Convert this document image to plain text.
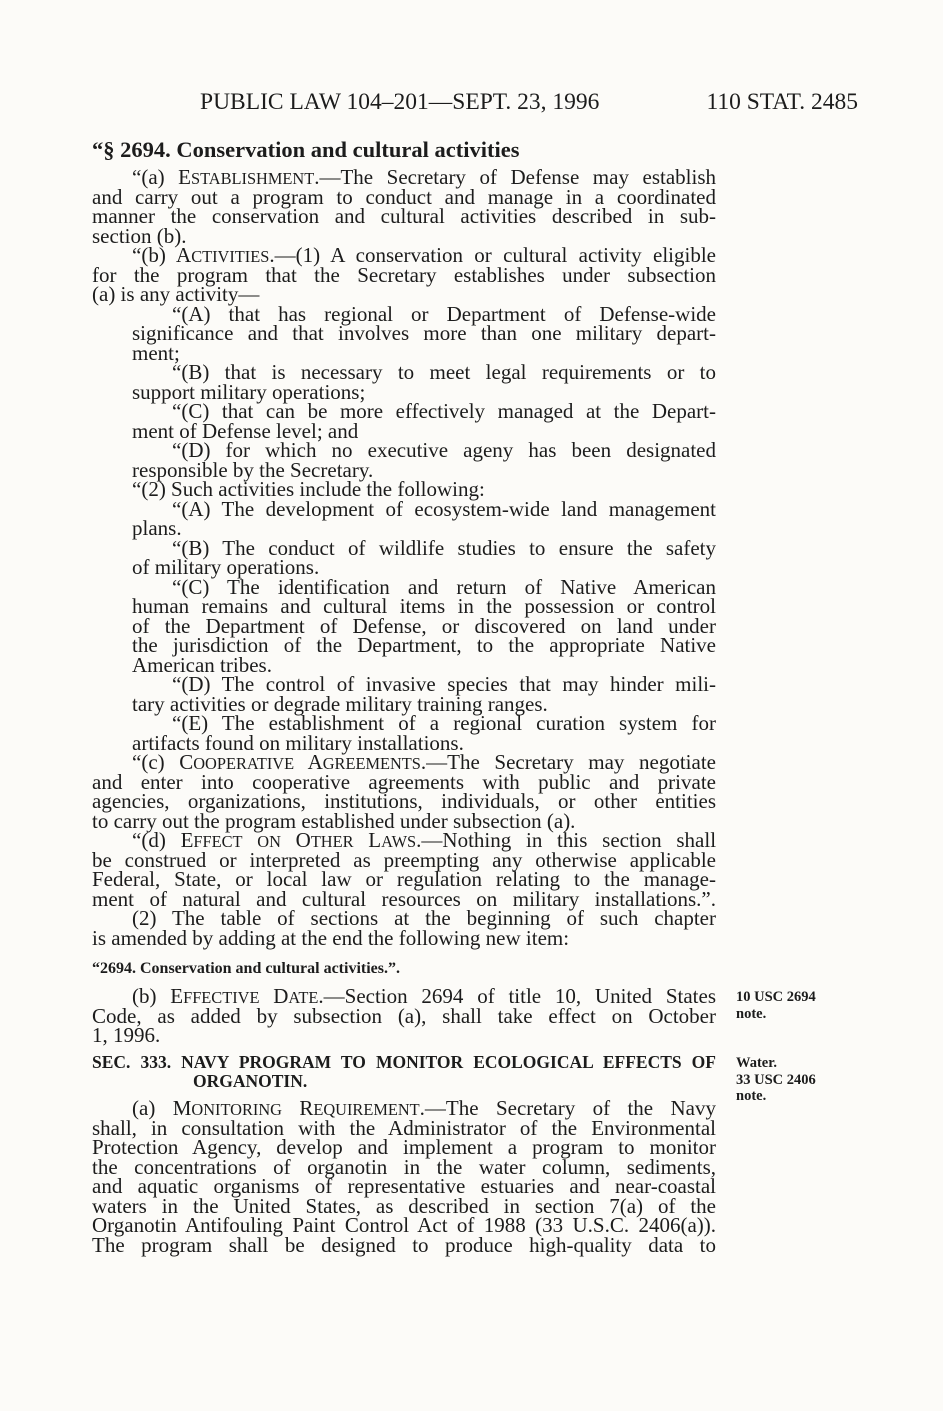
PUBLIC LAW 104–201—SEPT. 23, 1996	110 STAT. 2485
“§ 2694. Conservation and cultural activities
“(a) ESTABLISHMENT.—The Secretary of Defense may establish
and carry out a program to conduct and manage in a coordinated
manner the conservation and cultural activities described in sub-
section (b).
“(b) ACTIVITIES.—(1) A conservation or cultural activity eligible
for the program that the Secretary establishes under subsection
(a) is any activity—
“(A) that has regional or Department of Defense-wide
significance and that involves more than one military depart-
ment;
“(B) that is necessary to meet legal requirements or to
support military operations;
“(C) that can be more effectively managed at the Depart-
ment of Defense level; and
“(D) for which no executive ageny has been designated
responsible by the Secretary.
“(2) Such activities include the following:
“(A) The development of ecosystem-wide land management
plans.
“(B) The conduct of wildlife studies to ensure the safety
of military operations.
“(C) The identification and return of Native American
human remains and cultural items in the possession or control
of the Department of Defense, or discovered on land under
the jurisdiction of the Department, to the appropriate Native
American tribes.
“(D) The control of invasive species that may hinder mili-
tary activities or degrade military training ranges.
“(E) The establishment of a regional curation system for
artifacts found on military installations.
“(c) COOPERATIVE AGREEMENTS.—The Secretary may negotiate
and enter into cooperative agreements with public and private
agencies, organizations, institutions, individuals, or other entities
to carry out the program established under subsection (a).
“(d) EFFECT ON OTHER LAWS.—Nothing in this section shall
be construed or interpreted as preempting any otherwise applicable
Federal, State, or local law or regulation relating to the manage-
ment of natural and cultural resources on military installations.”.
(2) The table of sections at the beginning of such chapter
is amended by adding at the end the following new item:
“2694. Conservation and cultural activities.”.
(b) EFFECTIVE DATE.—Section 2694 of title 10, United States
Code, as added by subsection (a), shall take effect on October
1, 1996.
10 USC 2694
note.
SEC. 333. NAVY PROGRAM TO MONITOR ECOLOGICAL EFFECTS OF
ORGANOTIN.
Water.
33 USC 2406
note.
(a) MONITORING REQUIREMENT.—The Secretary of the Navy
shall, in consultation with the Administrator of the Environmental
Protection Agency, develop and implement a program to monitor
the concentrations of organotin in the water column, sediments,
and aquatic organisms of representative estuaries and near-coastal
waters in the United States, as described in section 7(a) of the
Organotin Antifouling Paint Control Act of 1988 (33 U.S.C. 2406(a)).
The program shall be designed to produce high-quality data to
